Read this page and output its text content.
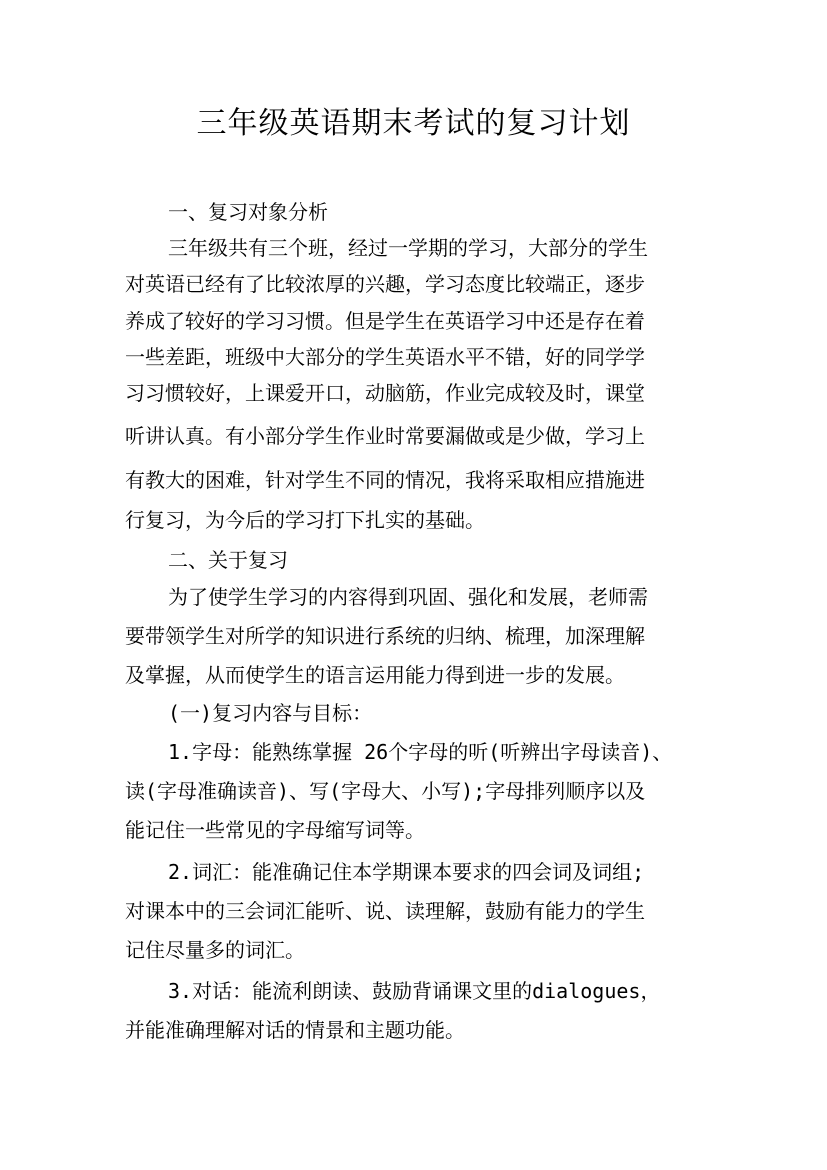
三年级英语期末考试的复习计划

一、复习对象分析

三年级共有三个班，经过一学期的学习，大部分的学生

对英语已经有了比较浓厚的兴趣，学习态度比较端正，逐步

养成了较好的学习习惯。但是学生在英语学习中还是存在着

一些差距，班级中大部分的学生英语水平不错，好的同学学

习习惯较好，上课爱开口，动脑筋，作业完成较及时，课堂

听讲认真。有小部分学生作业时常要漏做或是少做，学习上

有教大的困难，针对学生不同的情况，我将采取相应措施进

行复习，为今后的学习打下扎实的基础。

二、关于复习

为了使学生学习的内容得到巩固、强化和发展，老师需

要带领学生对所学的知识进行系统的归纳、梳理，加深理解

及掌握，从而使学生的语言运用能力得到进一步的发展。

(一)复习内容与目标：

1.字母：能熟练掌握 26个字母的听(听辨出字母读音)、

读(字母准确读音)、写(字母大、小写);字母排列顺序以及

能记住一些常见的字母缩写词等。

2.词汇：能准确记住本学期课本要求的四会词及词组;

对课本中的三会词汇能听、说、读理解，鼓励有能力的学生

记住尽量多的词汇。

3.对话：能流利朗读、鼓励背诵课文里的dialogues，

并能准确理解对话的情景和主题功能。
